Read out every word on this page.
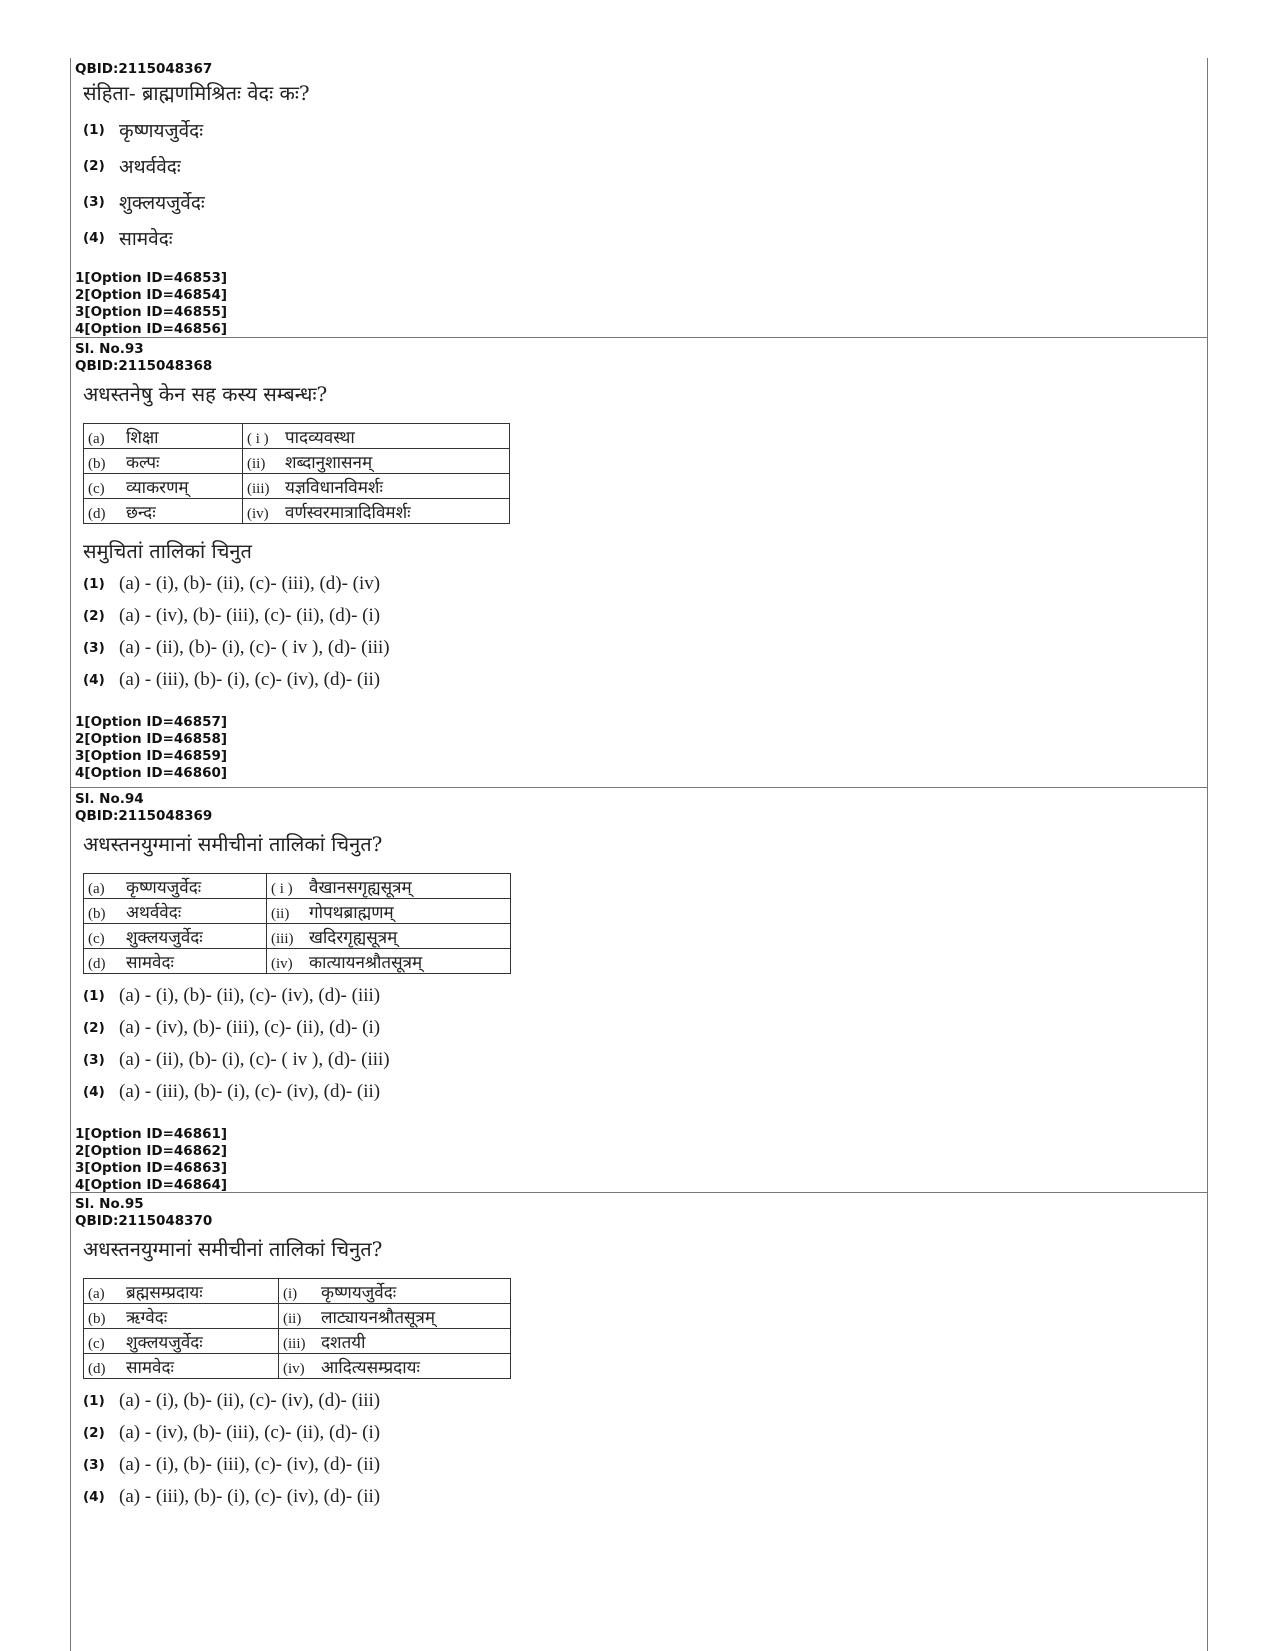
QBID:2115048367
संहिता- ब्राह्मणमिश्रितः वेदः कः?
(1) कृष्णयजुर्वेदः
(2) अथर्ववेदः
(3) शुक्लयजुर्वेदः
(4) सामवेदः
1[Option ID=46853]
2[Option ID=46854]
3[Option ID=46855]
4[Option ID=46856]
Sl. No.93
QBID:2115048368
अधस्तनेषु केन सह कस्य सम्बन्धः?
(a) शिक्षा	( i ) पादव्यवस्था
(b) कल्पः	(ii) शब्दानुशासनम्
(c) व्याकरणम्	(iii) यज्ञविधानविमर्शः
(d) छन्दः	(iv) वर्णस्वरमात्रादिविमर्शः
समुचितां तालिकां चिनुत
(1) (a) - (i), (b)- (ii), (c)- (iii), (d)- (iv)
(2) (a) - (iv), (b)- (iii), (c)- (ii), (d)- (i)
(3) (a) - (ii), (b)- (i), (c)- ( iv ), (d)- (iii)
(4) (a) - (iii), (b)- (i), (c)- (iv), (d)- (ii)
1[Option ID=46857]
2[Option ID=46858]
3[Option ID=46859]
4[Option ID=46860]
Sl. No.94
QBID:2115048369
अधस्तनयुग्मानां समीचीनां तालिकां चिनुत?
(a) कृष्णयजुर्वेदः	( i ) वैखानसगृह्यसूत्रम्
(b) अथर्ववेदः	(ii) गोपथब्राह्मणम्
(c) शुक्लयजुर्वेदः	(iii) खदिरगृह्यसूत्रम्
(d) सामवेदः	(iv) कात्यायनश्रौतसूत्रम्
(1) (a) - (i), (b)- (ii), (c)- (iv), (d)- (iii)
(2) (a) - (iv), (b)- (iii), (c)- (ii), (d)- (i)
(3) (a) - (ii), (b)- (i), (c)- ( iv ), (d)- (iii)
(4) (a) - (iii), (b)- (i), (c)- (iv), (d)- (ii)
1[Option ID=46861]
2[Option ID=46862]
3[Option ID=46863]
4[Option ID=46864]
Sl. No.95
QBID:2115048370
अधस्तनयुग्मानां समीचीनां तालिकां चिनुत?
(a) ब्रह्मसम्प्रदायः	(i) कृष्णयजुर्वेदः
(b) ऋग्वेदः	(ii) लाट्यायनश्रौतसूत्रम्
(c) शुक्लयजुर्वेदः	(iii) दशतयी
(d) सामवेदः	(iv) आदित्यसम्प्रदायः
(1) (a) - (i), (b)- (ii), (c)- (iv), (d)- (iii)
(2) (a) - (iv), (b)- (iii), (c)- (ii), (d)- (i)
(3) (a) - (i), (b)- (iii), (c)- (iv), (d)- (ii)
(4) (a) - (iii), (b)- (i), (c)- (iv), (d)- (ii)
